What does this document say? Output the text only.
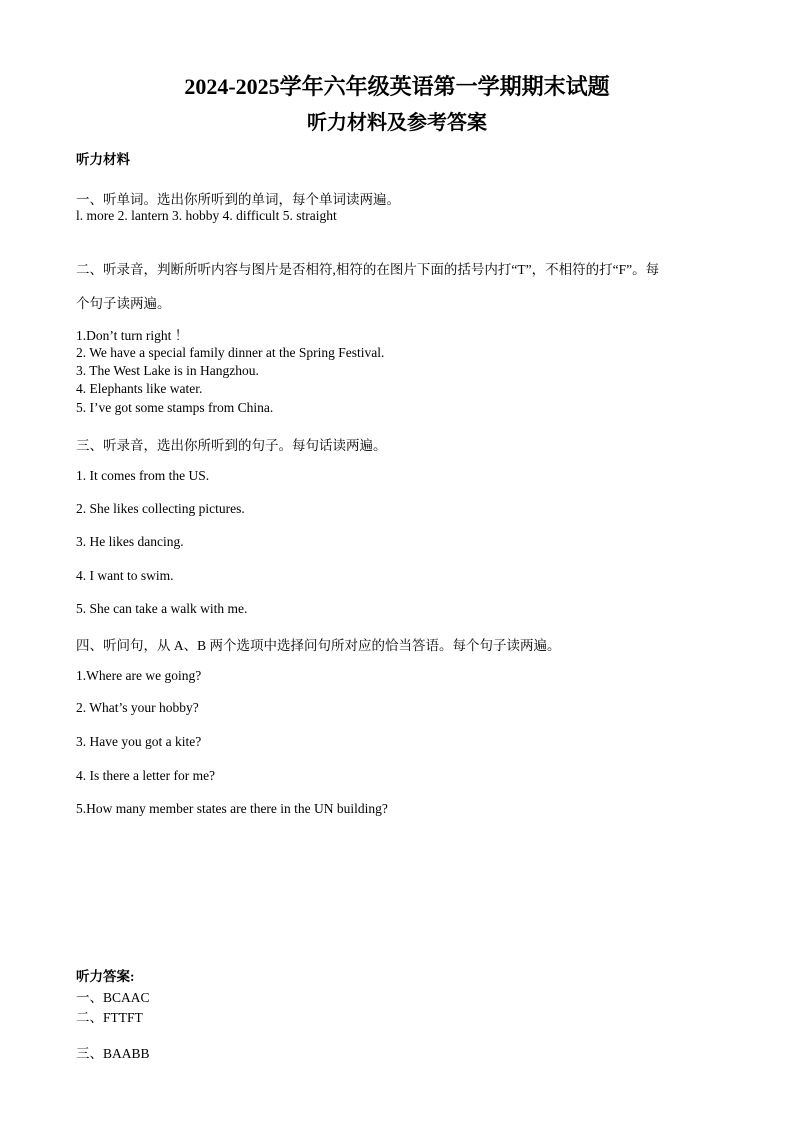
2024-2025学年六年级英语第一学期期末试题
听力材料及参考答案
听力材料
一、听单词。选出你所听到的单词，每个单词读两遍。
l. more 2. lantern 3. hobby 4. difficult 5. straight
二、听录音，判断所听内容与图片是否相符,相符的在图片下面的括号内打“T”，不相符的打“F”。每
个句子读两遍。
1.Don’t turn right ！
2. We have a special family dinner at the Spring Festival.
3. The West Lake is in Hangzhou.
4. Elephants like water.
5. I’ve got some stamps from China.
三、听录音，选出你所听到的句子。每句话读两遍。
1. It comes from the US.
2. She likes collecting pictures.
3. He likes dancing.
4. I want to swim.
5. She can take a walk with me.
四、听问句，从 A、B 两个选项中选择问句所对应的恰当答语。每个句子读两遍。
1.Where are we going?
2. What’s your hobby?
3. Have you got a kite?
4. Is there a letter for me?
5.How many member states are there in the UN building?
听力答案:
一、BCAAC
二、FTTFT
三、BAABB
